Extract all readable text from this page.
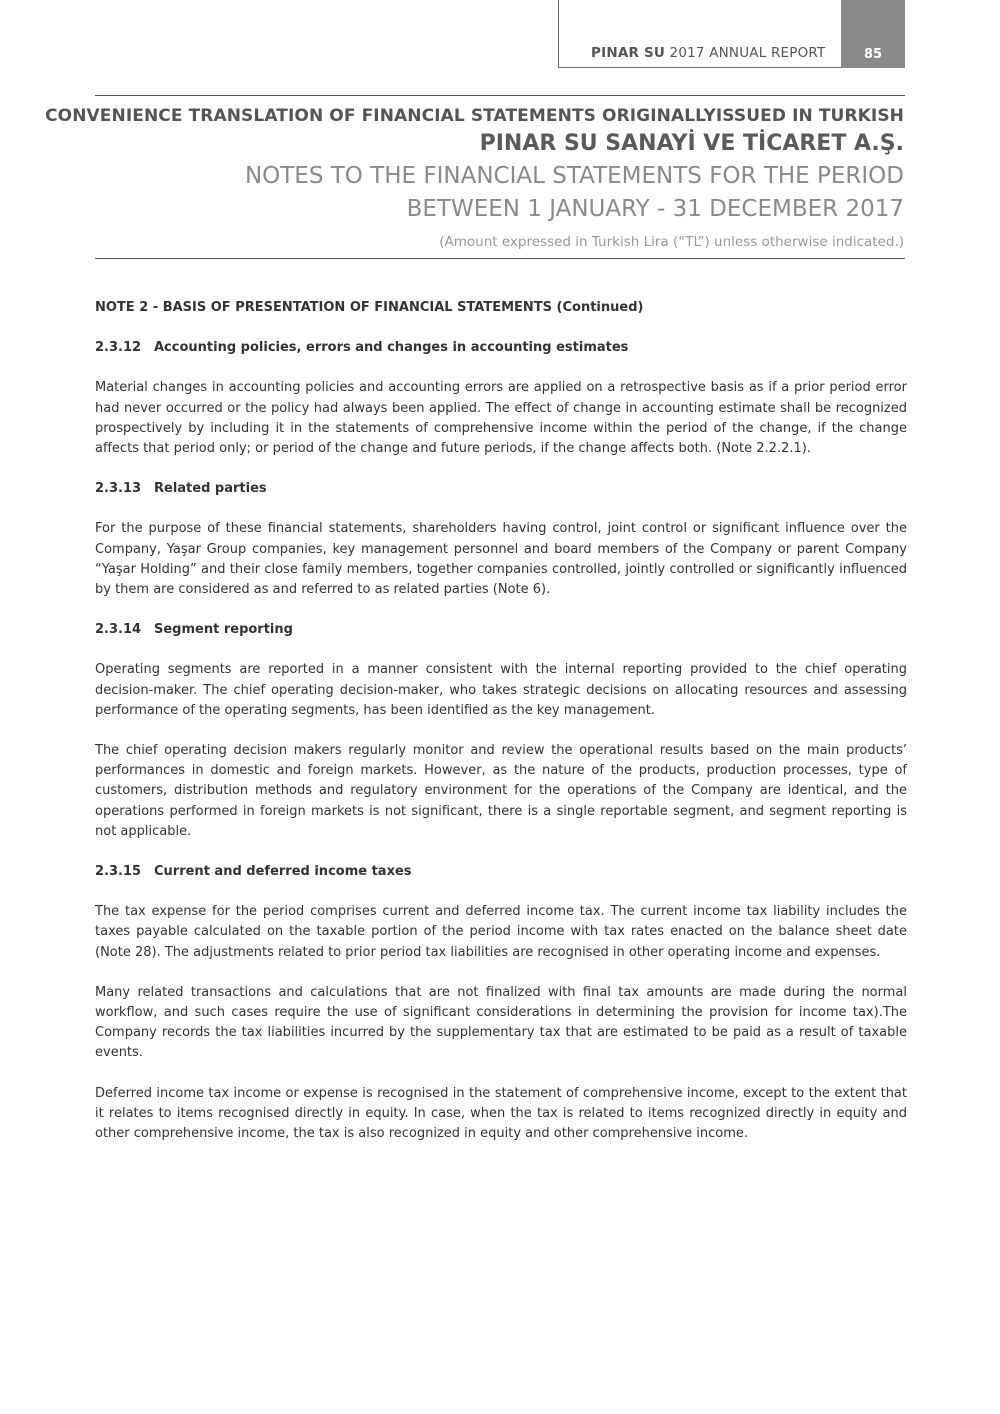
PINAR SU 2017 ANNUAL REPORT	85
CONVENIENCE TRANSLATION OF FINANCIAL STATEMENTS ORIGINALLYISSUED IN TURKISH
PINAR SU SANAYİ VE TİCARET A.Ş.
NOTES TO THE FINANCIAL STATEMENTS FOR THE PERIOD
BETWEEN 1 JANUARY - 31 DECEMBER 2017
(Amount expressed in Turkish Lira (“TL”) unless otherwise indicated.)
NOTE 2 - BASIS OF PRESENTATION OF FINANCIAL STATEMENTS (Continued)
2.3.12 Accounting policies, errors and changes in accounting estimates

Material changes in accounting policies and accounting errors are applied on a retrospective basis as if a prior period error had never occurred or the policy had always been applied. The effect of change in accounting estimate shall be recognized prospectively by including it in the statements of comprehensive income within the period of the change, if the change affects that period only; or period of the change and future periods, if the change affects both. (Note 2.2.2.1).

2.3.13 Related parties

For the purpose of these financial statements, shareholders having control, joint control or significant influence over the Company, Yaşar Group companies, key management personnel and board members of the Company or parent Company “Yaşar Holding” and their close family members, together companies controlled, jointly controlled or significantly influenced by them are considered as and referred to as related parties (Note 6).

2.3.14 Segment reporting

Operating segments are reported in a manner consistent with the internal reporting provided to the chief operating decision-maker. The chief operating decision-maker, who takes strategic decisions on allocating resources and assessing performance of the operating segments, has been identified as the key management.

The chief operating decision makers regularly monitor and review the operational results based on the main products’ performances in domestic and foreign markets. However, as the nature of the products, production processes, type of customers, distribution methods and regulatory environment for the operations of the Company are identical, and the operations performed in foreign markets is not significant, there is a single reportable segment, and segment reporting is not applicable.

2.3.15 Current and deferred income taxes

The tax expense for the period comprises current and deferred income tax. The current income tax liability includes the taxes payable calculated on the taxable portion of the period income with tax rates enacted on the balance sheet date (Note 28). The adjustments related to prior period tax liabilities are recognised in other operating income and expenses.

Many related transactions and calculations that are not finalized with final tax amounts are made during the normal workflow, and such cases require the use of significant considerations in determining the provision for income tax).The Company records the tax liabilities incurred by the supplementary tax that are estimated to be paid as a result of taxable events.

Deferred income tax income or expense is recognised in the statement of comprehensive income, except to the extent that it relates to items recognised directly in equity. In case, when the tax is related to items recognized directly in equity and other comprehensive income, the tax is also recognized in equity and other comprehensive income.
